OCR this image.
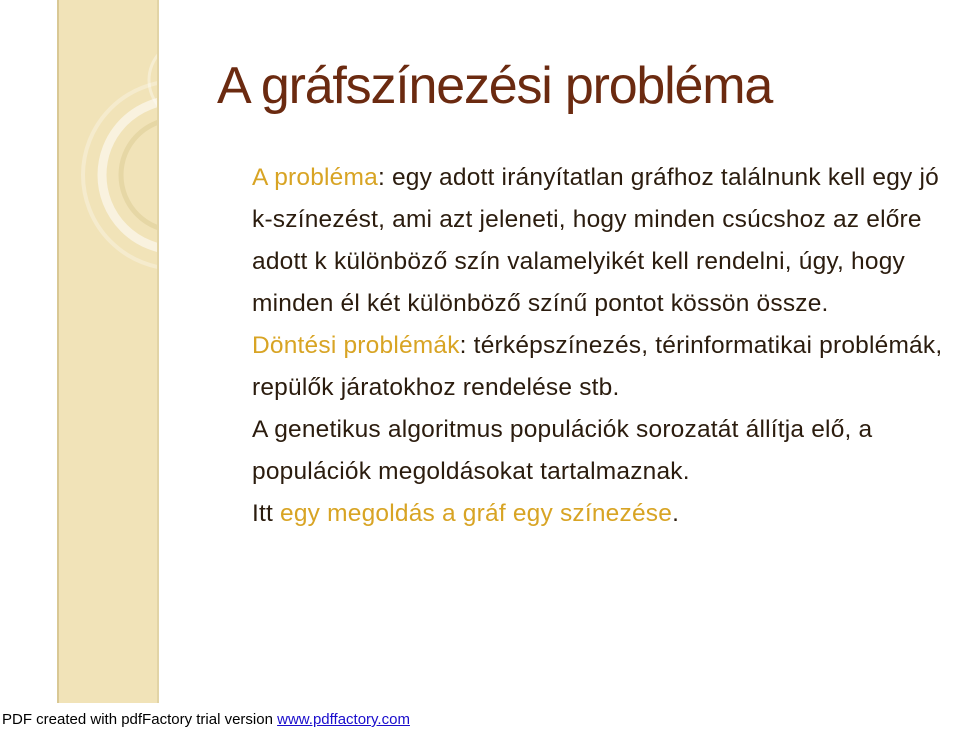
A gráfszínezési probléma

A probléma: egy adott irányítatlan gráfhoz találnunk kell egy jó k-színezést, ami azt jeleneti, hogy minden csúcshoz az előre adott k különböző szín valamelyikét kell rendelni, úgy, hogy minden él két különböző színű pontot kössön össze.

Döntési problémák: térképszínezés, térinformatikai problémák, repülők járatokhoz rendelése stb.

A genetikus algoritmus populációk sorozatát állítja elő, a populációk megoldásokat tartalmaznak.

Itt egy megoldás a gráf egy színezése.

PDF created with pdfFactory trial version www.pdffactory.com
